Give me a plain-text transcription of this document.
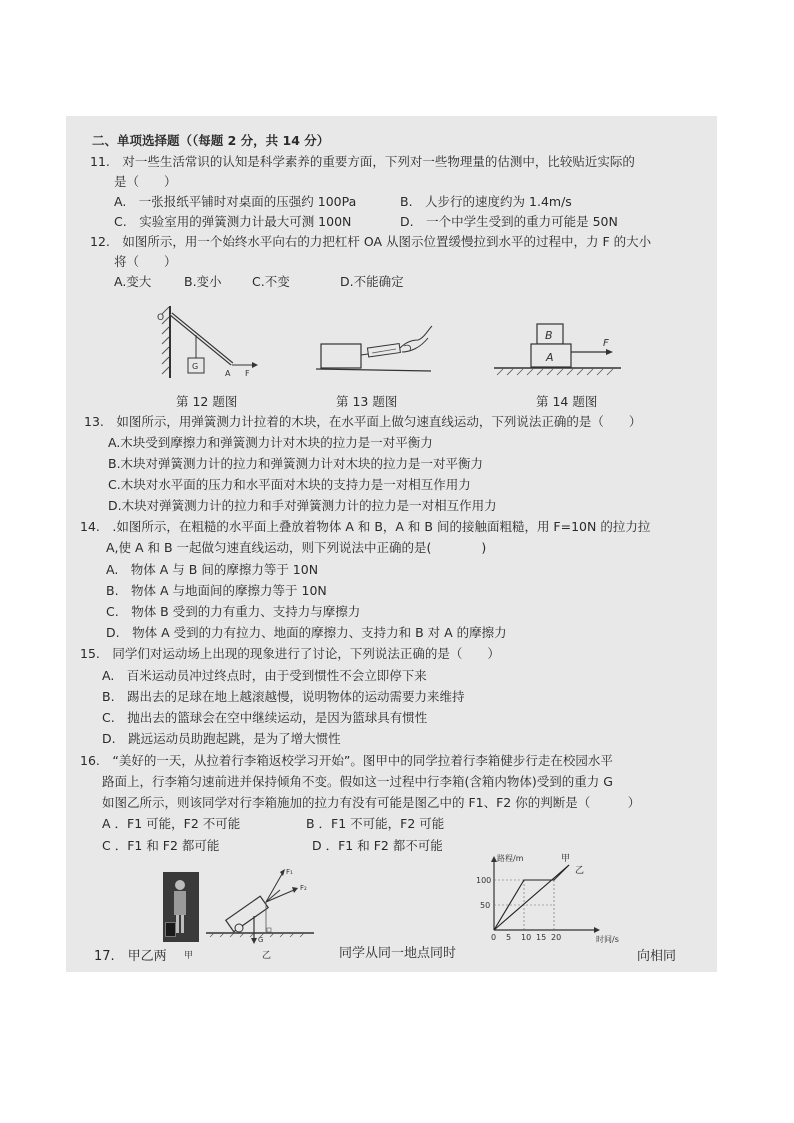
二、单项选择题（（每题 2 分，共 14 分）
11.　对一些生活常识的认知是科学素养的重要方面，下列对一些物理量的估测中，比较贴近实际的
是（　　）
A.　一张报纸平铺时对桌面的压强约 100Pa	B.　人步行的速度约为 1.4m/s
C.　实验室用的弹簧测力计最大可测 100N	D.　一个中学生受到的重力可能是 50N
12.　如图所示，用一个始终水平向右的力把杠杆 OA 从图示位置缓慢拉到水平的过程中，力 F 的大小
将（　　）
A.变大	B.变小 C.不变	D.不能确定
O
G
A F
B
A
F
第 12 题图	第 13 题图	第 14 题图
13.　如图所示，用弹簧测力计拉着的木块，在水平面上做匀速直线运动，下列说法正确的是（　　）
A.木块受到摩擦力和弹簧测力计对木块的拉力是一对平衡力
B.木块对弹簧测力计的拉力和弹簧测力计对木块的拉力是一对平衡力
C.木块对水平面的压力和水平面对木块的支持力是一对相互作用力
D.木块对弹簧测力计的拉力和手对弹簧测力计的拉力是一对相互作用力
14.　.如图所示，在粗糙的水平面上叠放着物体 A 和 B，A 和 B 间的接触面粗糙，用 F=10N 的拉力拉
A,使 A 和 B 一起做匀速直线运动，则下列说法中正确的是(　　　　)
A.　物体 A 与 B 间的摩擦力等于 10N
B.　物体 A 与地面间的摩擦力等于 10N
C.　物体 B 受到的力有重力、支持力与摩擦力
D.　物体 A 受到的力有拉力、地面的摩擦力、支持力和 B 对 A 的摩擦力
15.　同学们对运动场上出现的现象进行了讨论，下列说法正确的是（　　）
A.　百米运动员冲过终点时，由于受到惯性不会立即停下来
B.　踢出去的足球在地上越滚越慢，说明物体的运动需要力来维持
C.　抛出去的篮球会在空中继续运动，是因为篮球具有惯性
D.　跳远运动员助跑起跳，是为了增大惯性
16.　“美好的一天，从拉着行李箱返校学习开始”。图甲中的同学拉着行李箱健步行走在校园水平
路面上，行李箱匀速前进并保持倾角不变。假如这一过程中行李箱(含箱内物体)受到的重力 G
如图乙所示，则该同学对行李箱施加的拉力有没有可能是图乙中的 F1、F2 你的判断是（　　　）
A ．F1 可能，F2 不可能	B ．F1 不可能，F2 可能
C ．F1 和 F2 都可能	D ．F1 和 F2 都不可能
甲
F₁
F₂
G
乙
0 5 10 15 20
50
100
甲
乙
时间/s
路程/m
17.　甲乙两	同学从同一地点同时	向相同
